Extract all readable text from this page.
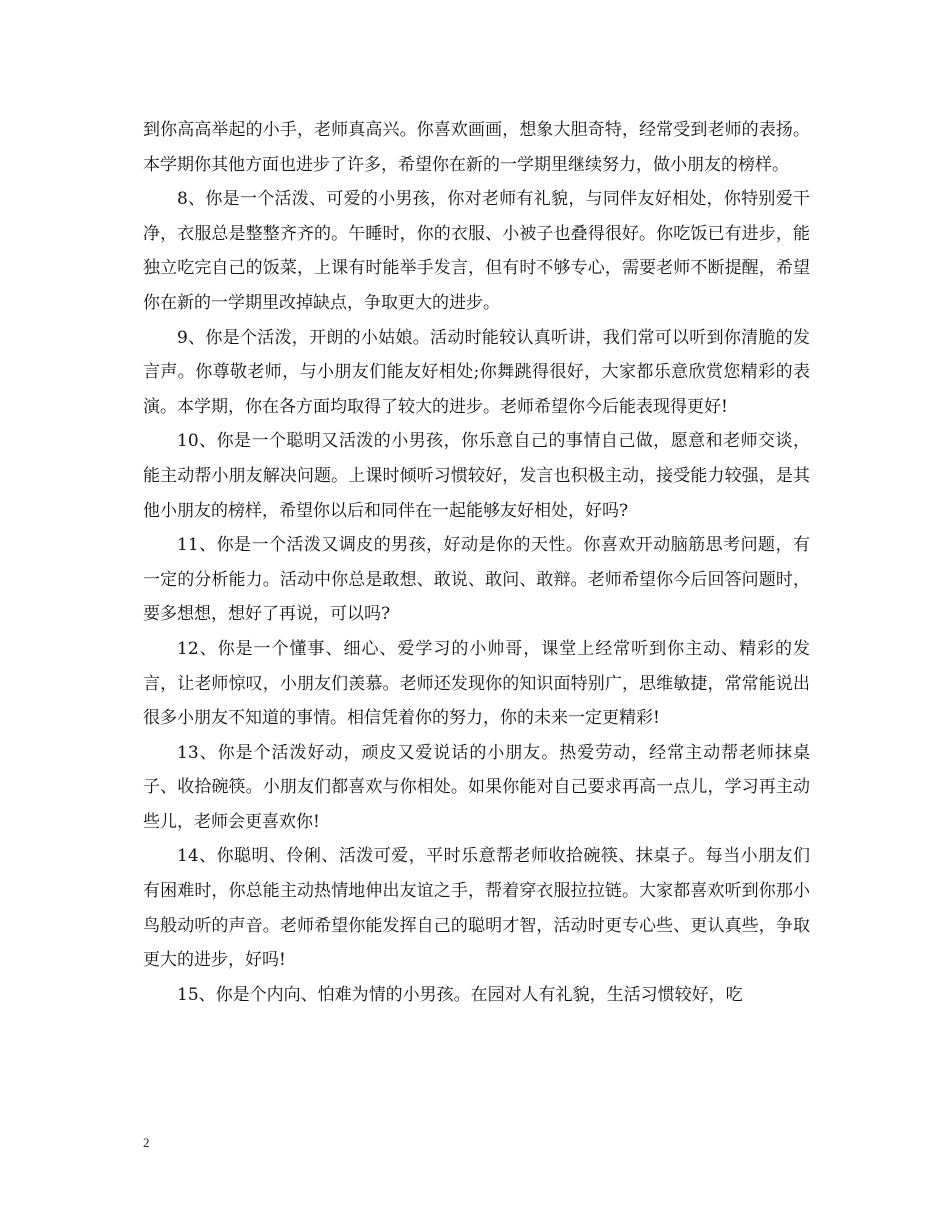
到你高高举起的小手，老师真高兴。你喜欢画画，想象大胆奇特，经常受到老师的表扬。本学期你其他方面也进步了许多，希望你在新的一学期里继续努力，做小朋友的榜样。

8、你是一个活泼、可爱的小男孩，你对老师有礼貌，与同伴友好相处，你特别爱干净，衣服总是整整齐齐的。午睡时，你的衣服、小被子也叠得很好。你吃饭已有进步，能独立吃完自己的饭菜，上课有时能举手发言，但有时不够专心，需要老师不断提醒，希望你在新的一学期里改掉缺点，争取更大的进步。

9、你是个活泼，开朗的小姑娘。活动时能较认真听讲，我们常可以听到你清脆的发言声。你尊敬老师，与小朋友们能友好相处;你舞跳得很好，大家都乐意欣赏您精彩的表演。本学期，你在各方面均取得了较大的进步。老师希望你今后能表现得更好!

10、你是一个聪明又活泼的小男孩，你乐意自己的事情自己做，愿意和老师交谈，能主动帮小朋友解决问题。上课时倾听习惯较好，发言也积极主动，接受能力较强，是其他小朋友的榜样，希望你以后和同伴在一起能够友好相处，好吗?

11、你是一个活泼又调皮的男孩，好动是你的天性。你喜欢开动脑筋思考问题，有一定的分析能力。活动中你总是敢想、敢说、敢问、敢辩。老师希望你今后回答问题时，要多想想，想好了再说，可以吗?

12、你是一个懂事、细心、爱学习的小帅哥，课堂上经常听到你主动、精彩的发言，让老师惊叹，小朋友们羡慕。老师还发现你的知识面特别广，思维敏捷，常常能说出很多小朋友不知道的事情。相信凭着你的努力，你的未来一定更精彩!

13、你是个活泼好动，顽皮又爱说话的小朋友。热爱劳动，经常主动帮老师抹桌子、收拾碗筷。小朋友们都喜欢与你相处。如果你能对自己要求再高一点儿，学习再主动些儿，老师会更喜欢你!

14、你聪明、伶俐、活泼可爱，平时乐意帮老师收拾碗筷、抹桌子。每当小朋友们有困难时，你总能主动热情地伸出友谊之手，帮着穿衣服拉拉链。大家都喜欢听到你那小鸟般动听的声音。老师希望你能发挥自己的聪明才智，活动时更专心些、更认真些，争取更大的进步，好吗!

15、你是个内向、怕难为情的小男孩。在园对人有礼貌，生活习惯较好，吃

2
